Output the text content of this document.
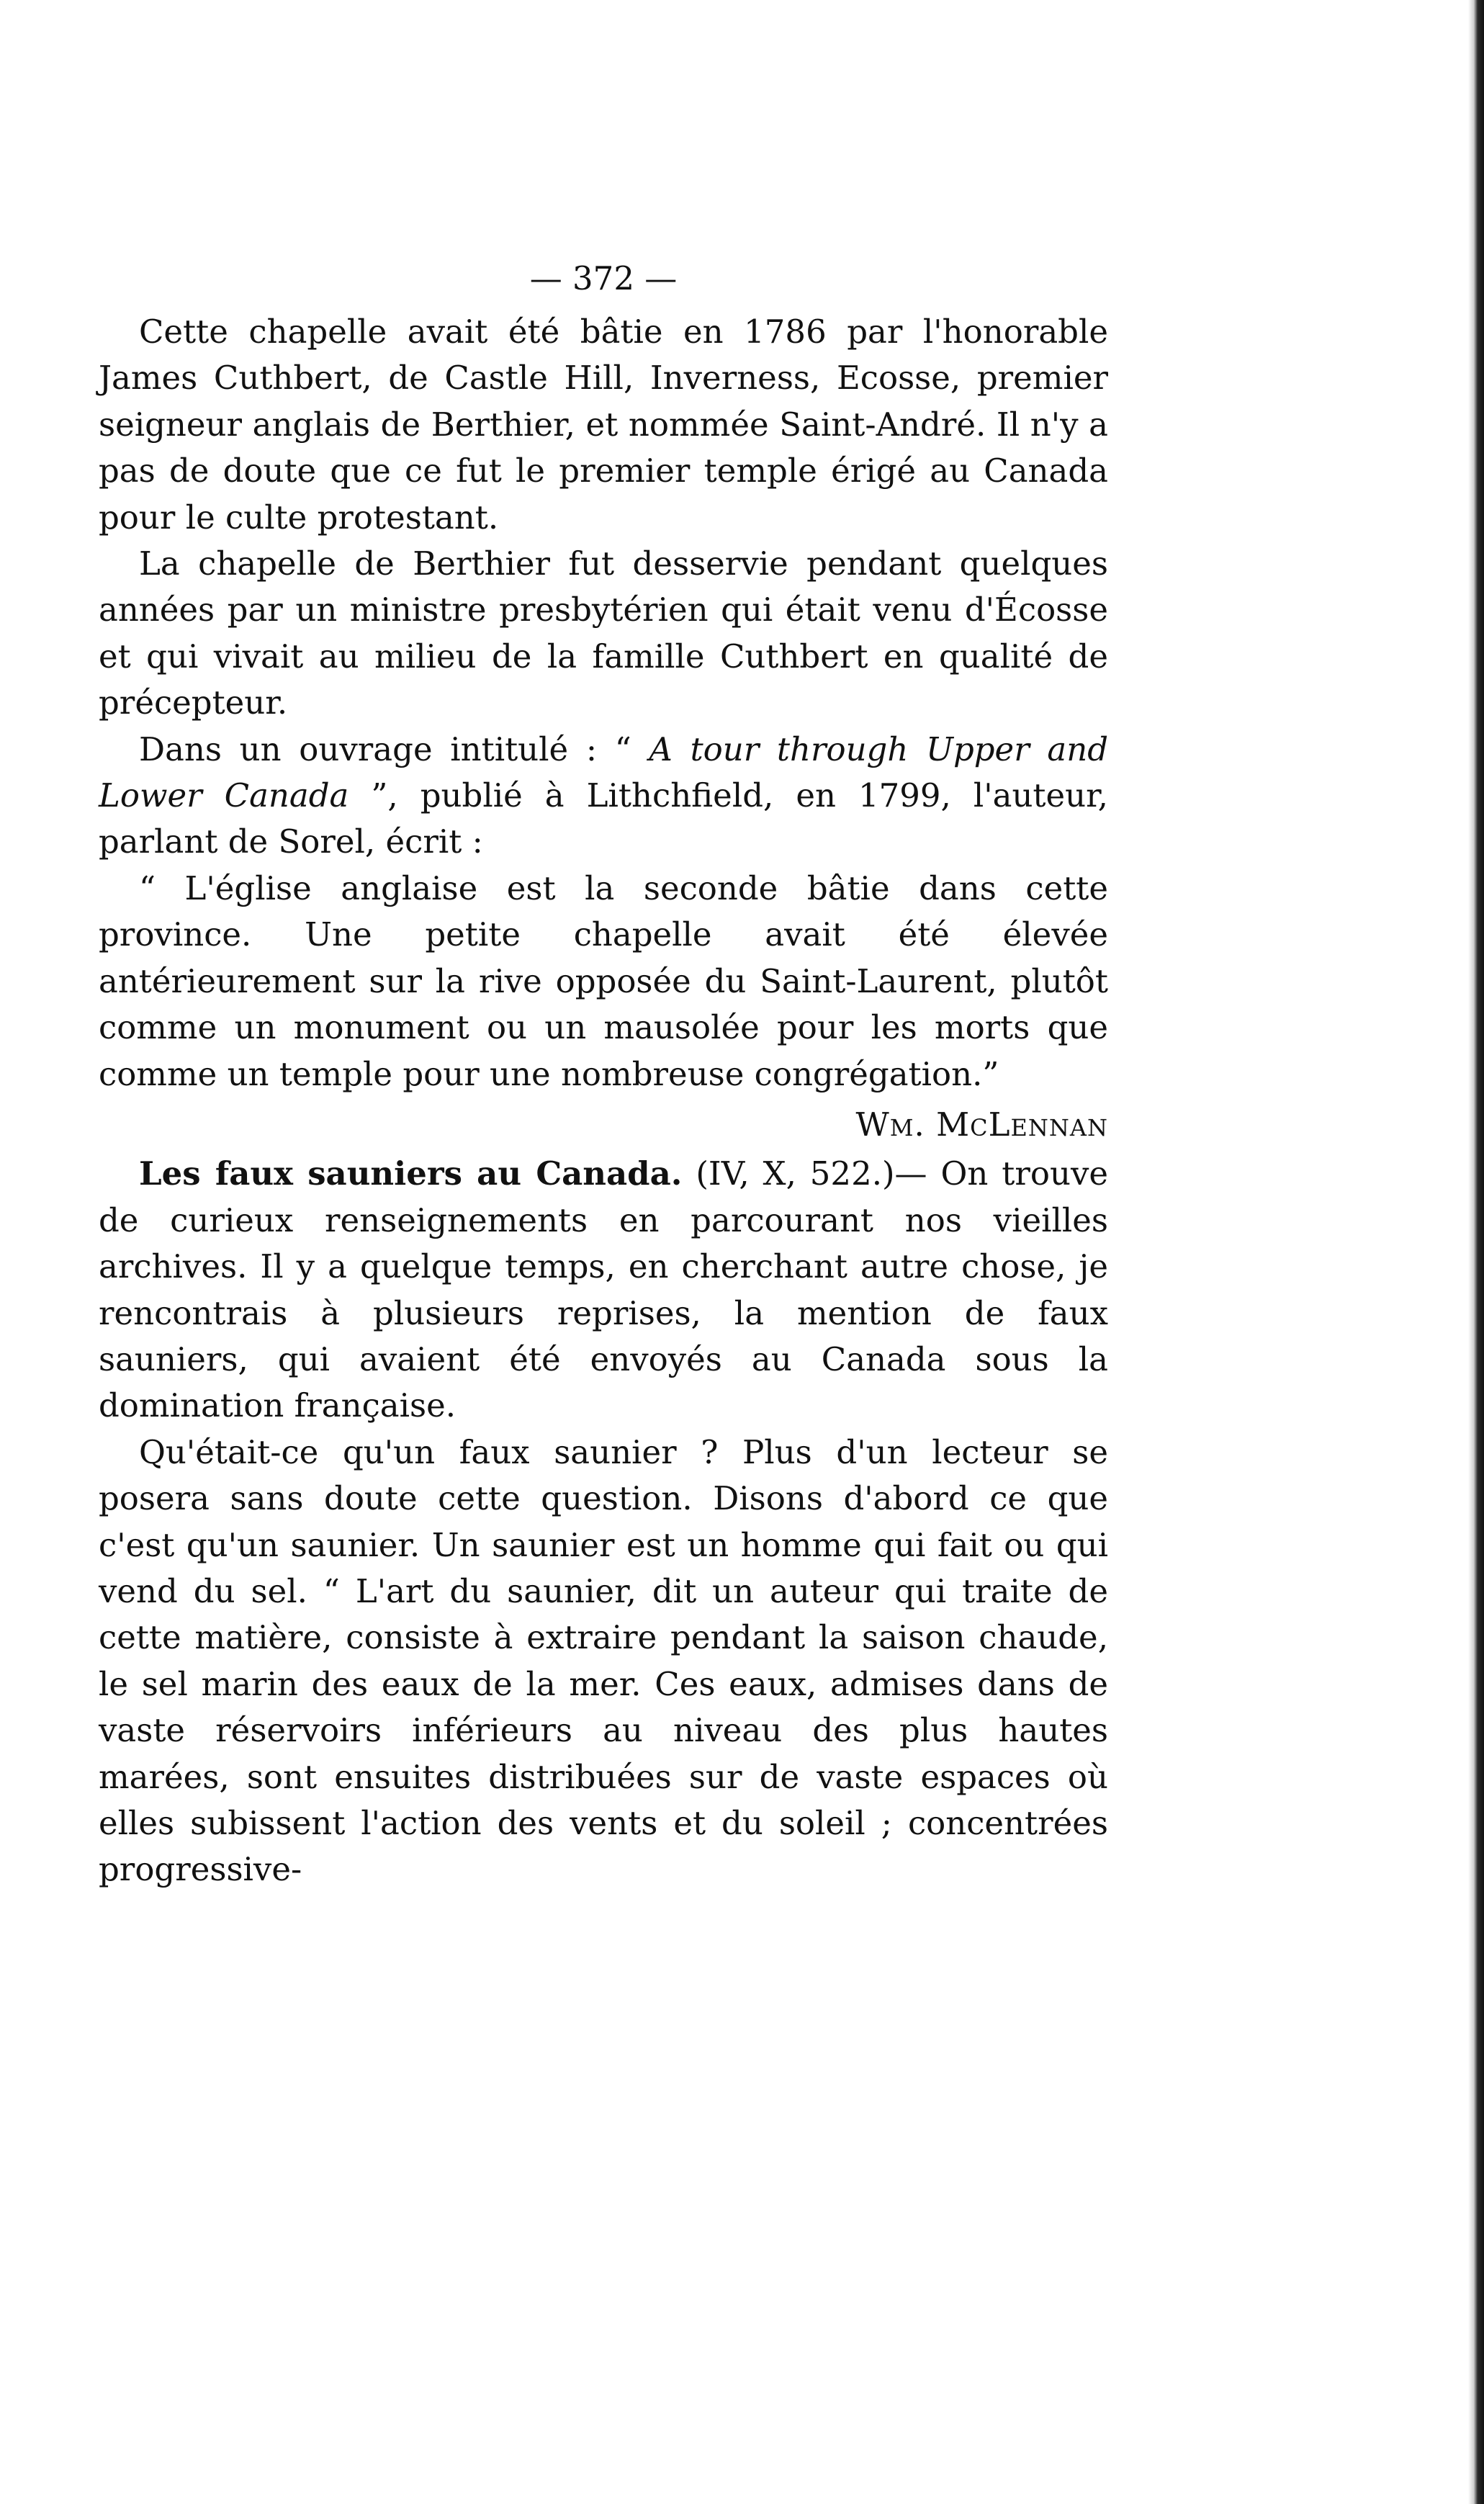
— 372 —

Cette chapelle avait été bâtie en 1786 par l'honorable James Cuthbert, de Castle Hill, Inverness, Ecosse, premier seigneur anglais de Berthier, et nommée Saint-André. Il n'y a pas de doute que ce fut le premier temple érigé au Canada pour le culte protestant.

La chapelle de Berthier fut desservie pendant quelques années par un ministre presbytérien qui était venu d'Écosse et qui vivait au milieu de la famille Cuthbert en qualité de précepteur.

Dans un ouvrage intitulé : “ A tour through Upper and Lower Canada ”, publié à Lithchfield, en 1799, l'auteur, parlant de Sorel, écrit :

“ L'église anglaise est la seconde bâtie dans cette province. Une petite chapelle avait été élevée antérieurement sur la rive opposée du Saint-Laurent, plutôt comme un monument ou un mausolée pour les morts que comme un temple pour une nombreuse congrégation.”

Wm. McLennan

Les faux sauniers au Canada. (IV, X, 522.)— On trouve de curieux renseignements en parcourant nos vieilles archives. Il y a quelque temps, en cherchant autre chose, je rencontrais à plusieurs reprises, la mention de faux sauniers, qui avaient été envoyés au Canada sous la domination française.

Qu'était-ce qu'un faux saunier ? Plus d'un lecteur se posera sans doute cette question. Disons d'abord ce que c'est qu'un saunier. Un saunier est un homme qui fait ou qui vend du sel. “ L'art du saunier, dit un auteur qui traite de cette matière, consiste à extraire pendant la saison chaude, le sel marin des eaux de la mer. Ces eaux, admises dans de vaste réservoirs inférieurs au niveau des plus hautes marées, sont ensuites distribuées sur de vaste espaces où elles subissent l'action des vents et du soleil ; concentrées progressive-
